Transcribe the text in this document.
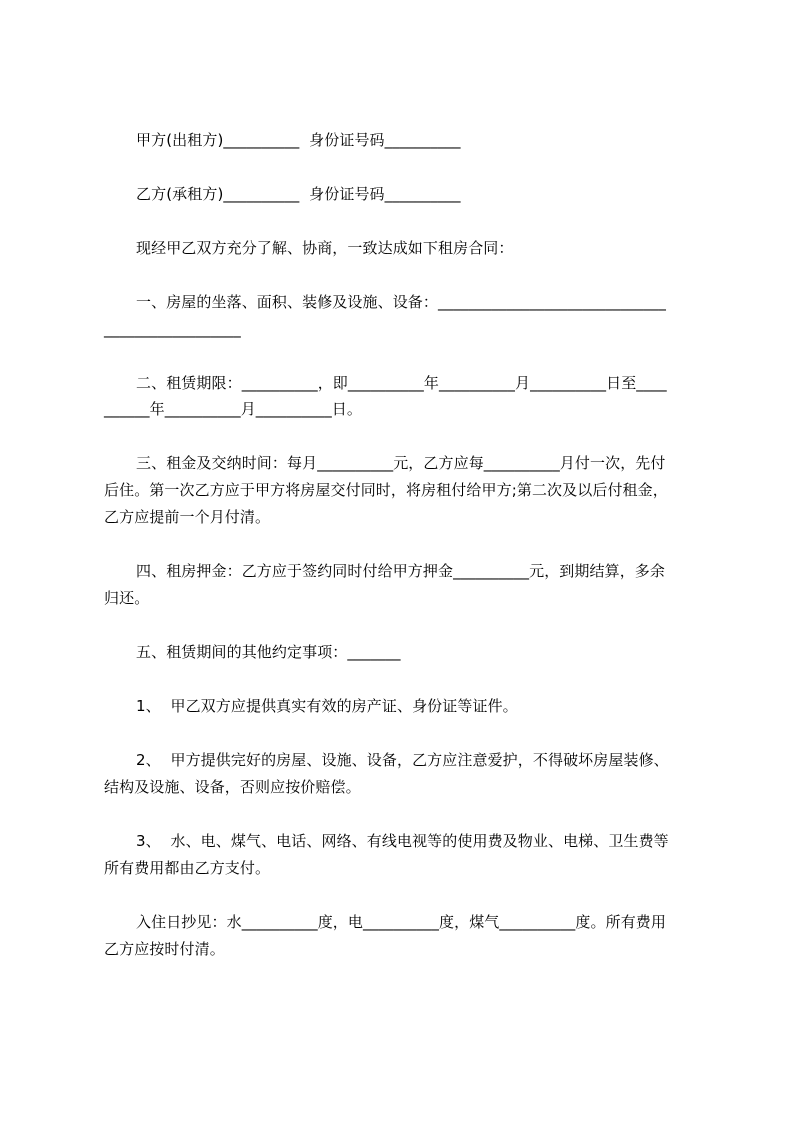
甲方(出租方)__________  身份证号码__________
乙方(承租方)__________  身份证号码__________
现经甲乙双方充分了解、协商，一致达成如下租房合同：
一、房屋的坐落、面积、装修及设施、设备：______________________________
__________________
二、租赁期限：__________，即__________年__________月__________日至____
______年__________月__________日。
三、租金及交纳时间：每月__________元，乙方应每__________月付一次，先付
后住。第一次乙方应于甲方将房屋交付同时，将房租付给甲方;第二次及以后付租金，
乙方应提前一个月付清。
四、租房押金：乙方应于签约同时付给甲方押金__________元，到期结算，多余
归还。
五、租赁期间的其他约定事项：_______
1、  甲乙双方应提供真实有效的房产证、身份证等证件。
2、  甲方提供完好的房屋、设施、设备，乙方应注意爱护，不得破坏房屋装修、
结构及设施、设备，否则应按价赔偿。
3、  水、电、煤气、电话、网络、有线电视等的使用费及物业、电梯、卫生费等
所有费用都由乙方支付。
入住日抄见：水__________度，电__________度，煤气__________度。所有费用
乙方应按时付清。
